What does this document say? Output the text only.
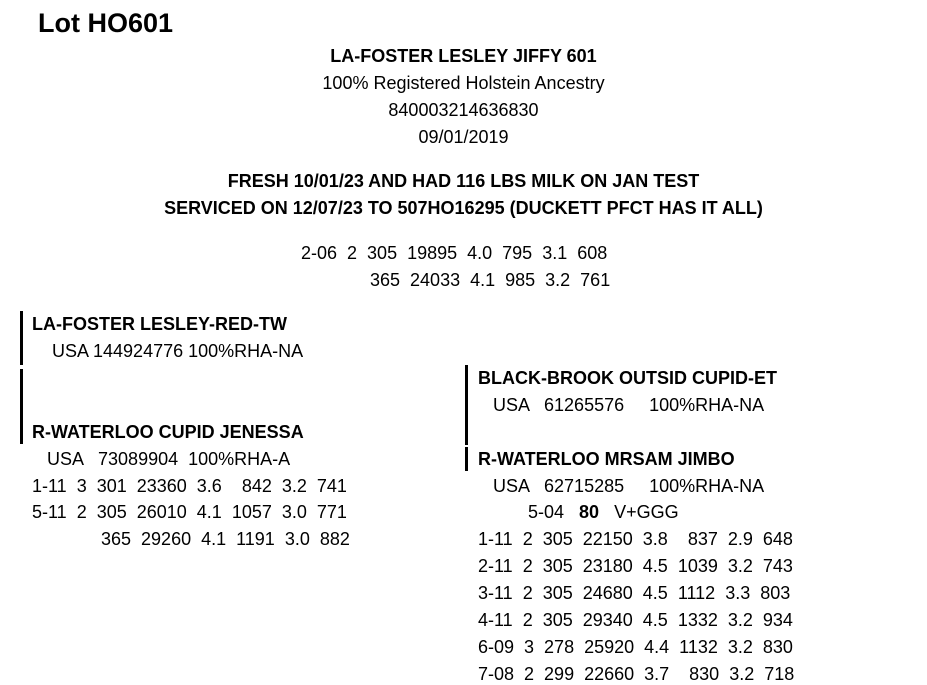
Lot HO601
LA-FOSTER LESLEY JIFFY 601
100% Registered Holstein Ancestry
840003214636830
09/01/2019
FRESH 10/01/23 AND HAD 116 LBS MILK ON JAN TEST
SERVICED ON 12/07/23 TO 507HO16295 (DUCKETT PFCT HAS IT ALL)
2-06  2  305  19895  4.0  795  3.1  608
365  24033  4.1  985  3.2  761
LA-FOSTER LESLEY-RED-TW
USA 144924776 100%RHA-NA
R-WATERLOO CUPID JENESSA
USA   73089904  100%RHA-A
1-11  3  301  23360  3.6    842  3.2  741
5-11  2  305  26010  4.1  1057  3.0  771
365  29260  4.1  1191  3.0  882
BLACK-BROOK OUTSID CUPID-ET
USA   61265576     100%RHA-NA
R-WATERLOO MRSAM JIMBO
USA   62715285     100%RHA-NA
5-04 80 V+GGG
1-11  2  305  22150  3.8    837  2.9  648
2-11  2  305  23180  4.5  1039  3.2  743
3-11  2  305  24680  4.5  1112  3.3  803
4-11  2  305  29340  4.5  1332  3.2  934
6-09  3  278  25920  4.4  1132  3.2  830
7-08  2  299  22660  3.7    830  3.2  718
